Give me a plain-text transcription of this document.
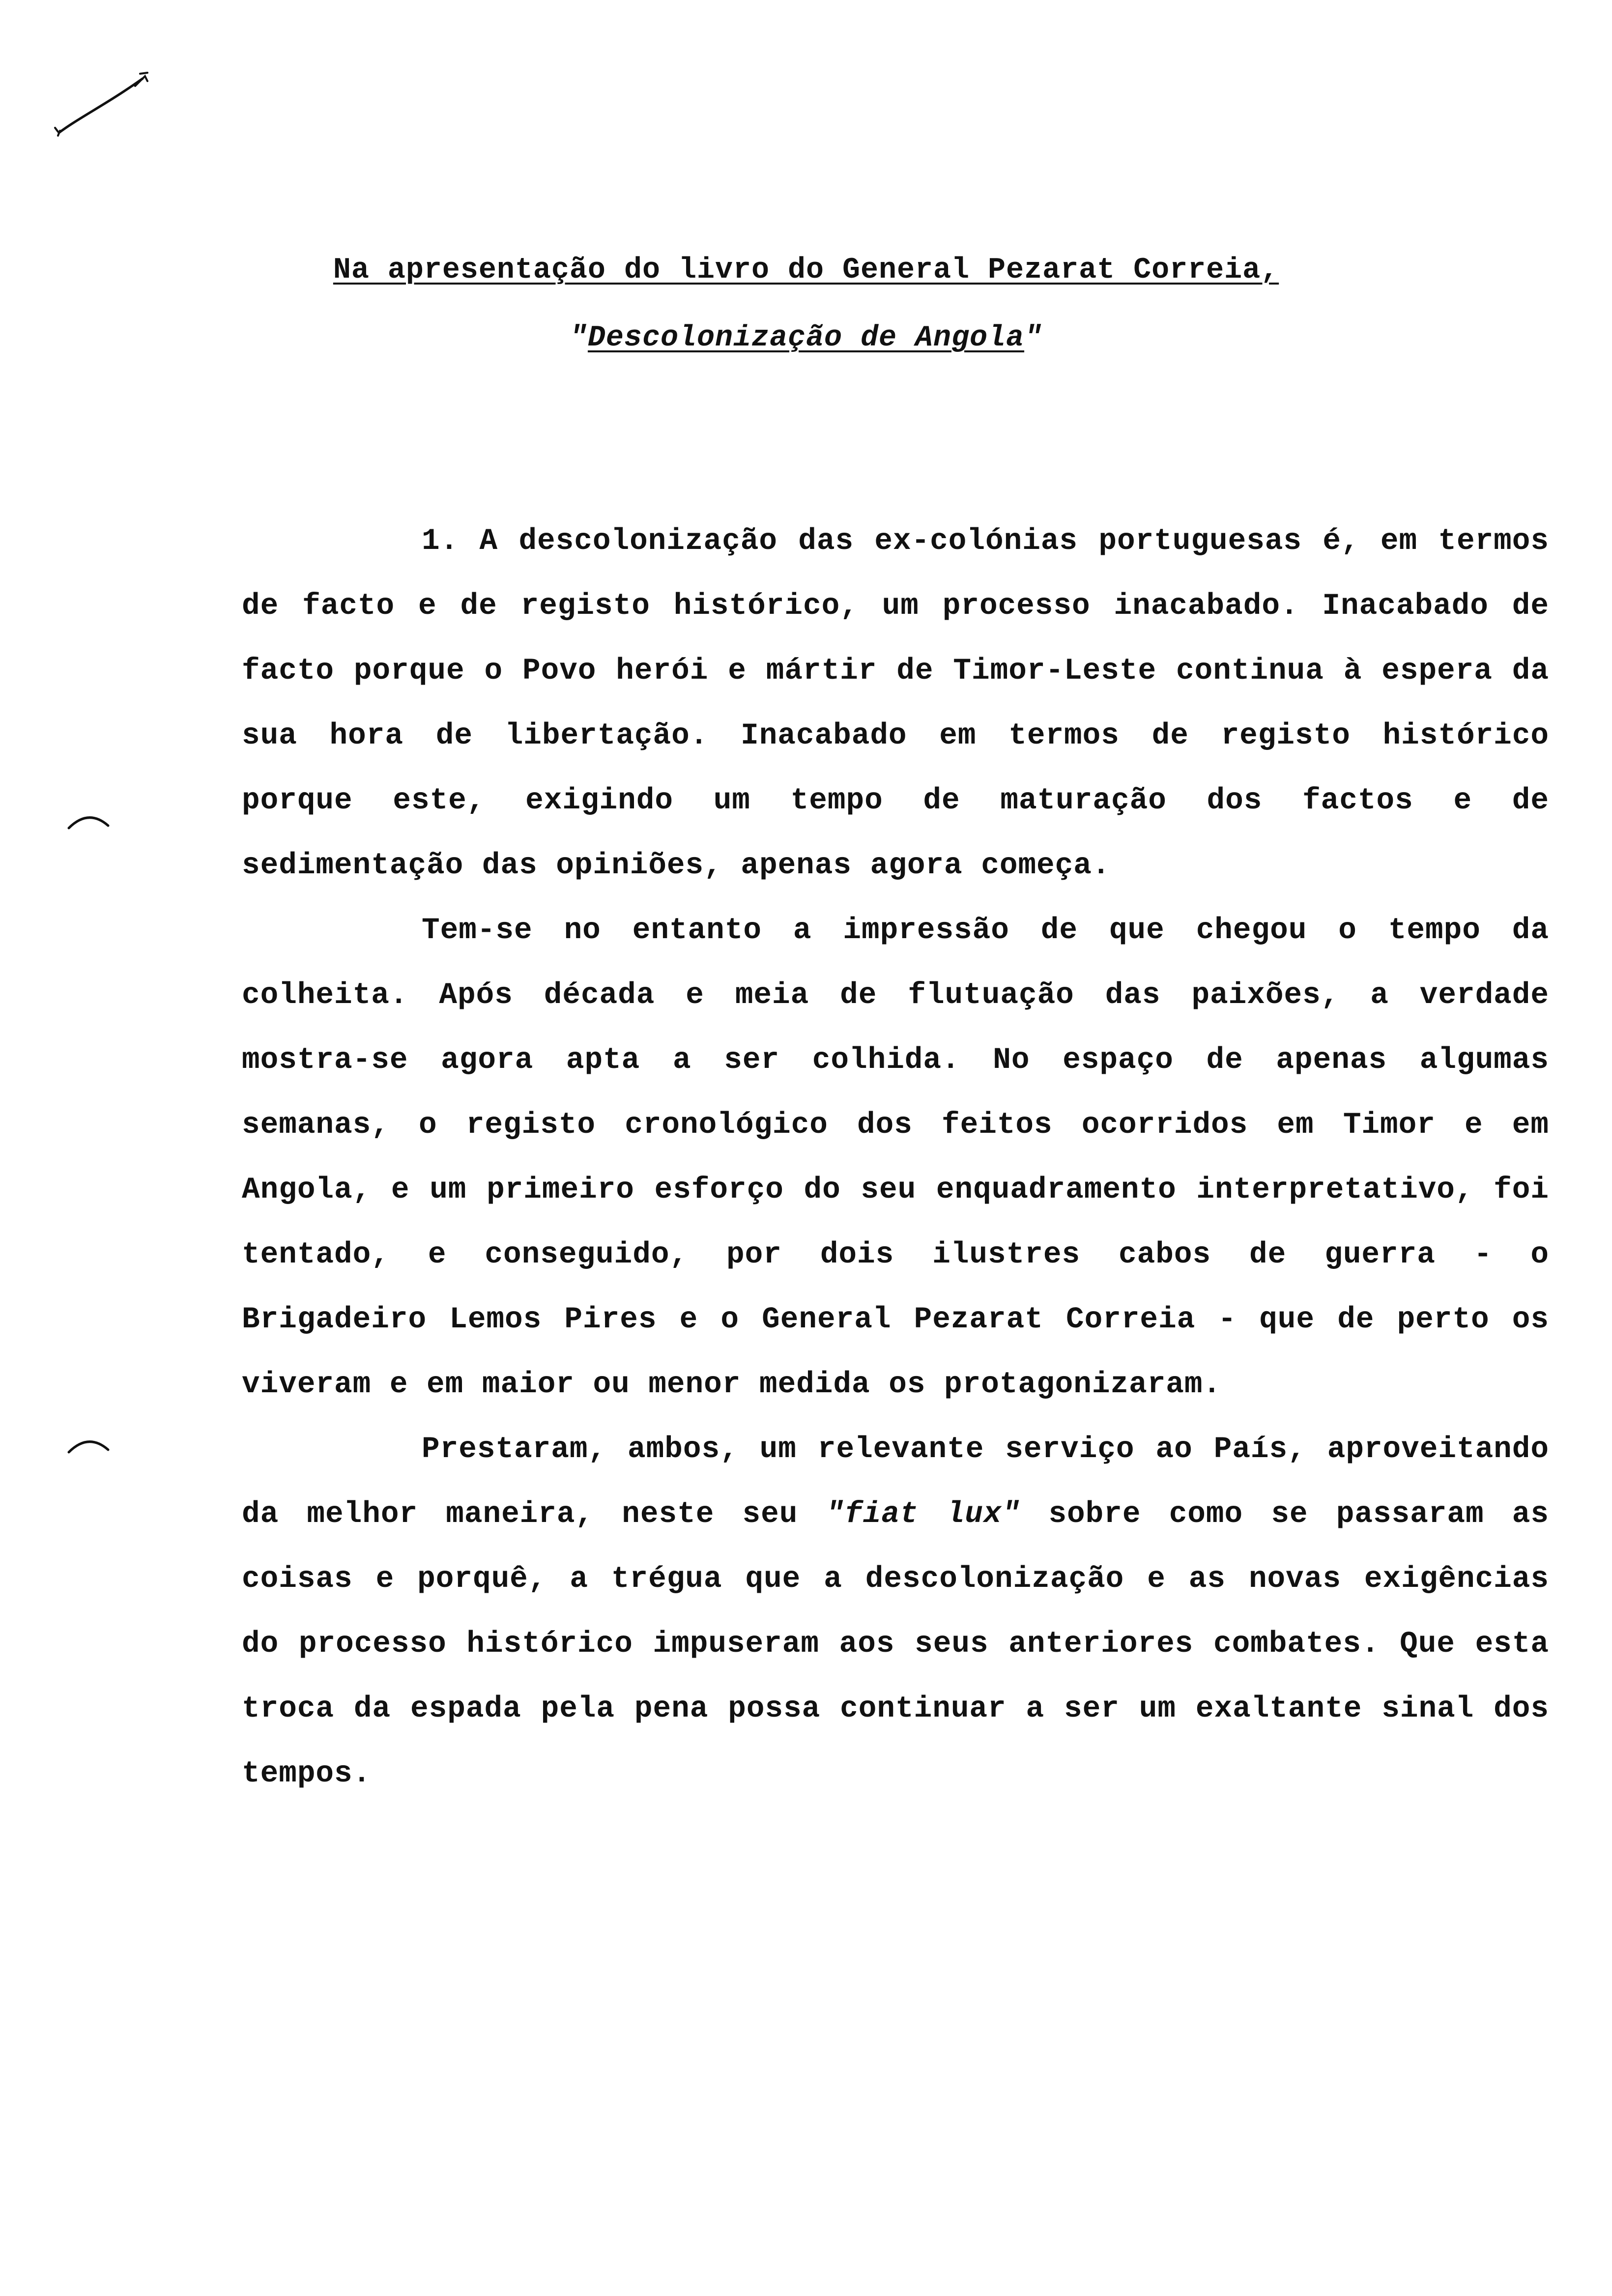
Na apresentação do livro do General Pezarat Correia,
"Descolonização de Angola"

1. A descolonização das ex-colónias portuguesas é, em termos de facto e de registo histórico, um processo inacabado. Inacabado de facto porque o Povo herói e mártir de Timor-Leste continua à espera da sua hora de libertação. Inacabado em termos de registo histórico porque este, exigindo um tempo de maturação dos factos e de sedimentação das opiniões, apenas agora começa.

Tem-se no entanto a impressão de que chegou o tempo da colheita. Após década e meia de flutuação das paixões, a verdade mostra-se agora apta a ser colhida. No espaço de apenas algumas semanas, o registo cronológico dos feitos ocorridos em Timor e em Angola, e um primeiro esforço do seu enquadramento interpretativo, foi tentado, e conseguido, por dois ilustres cabos de guerra - o Brigadeiro Lemos Pires e o General Pezarat Correia - que de perto os viveram e em maior ou menor medida os protagonizaram.

Prestaram, ambos, um relevante serviço ao País, aproveitando da melhor maneira, neste seu "fiat lux" sobre como se passaram as coisas e porquê, a trégua que a descolonização e as novas exigências do processo histórico impuseram aos seus anteriores combates. Que esta troca da espada pela pena possa continuar a ser um exaltante sinal dos tempos.
